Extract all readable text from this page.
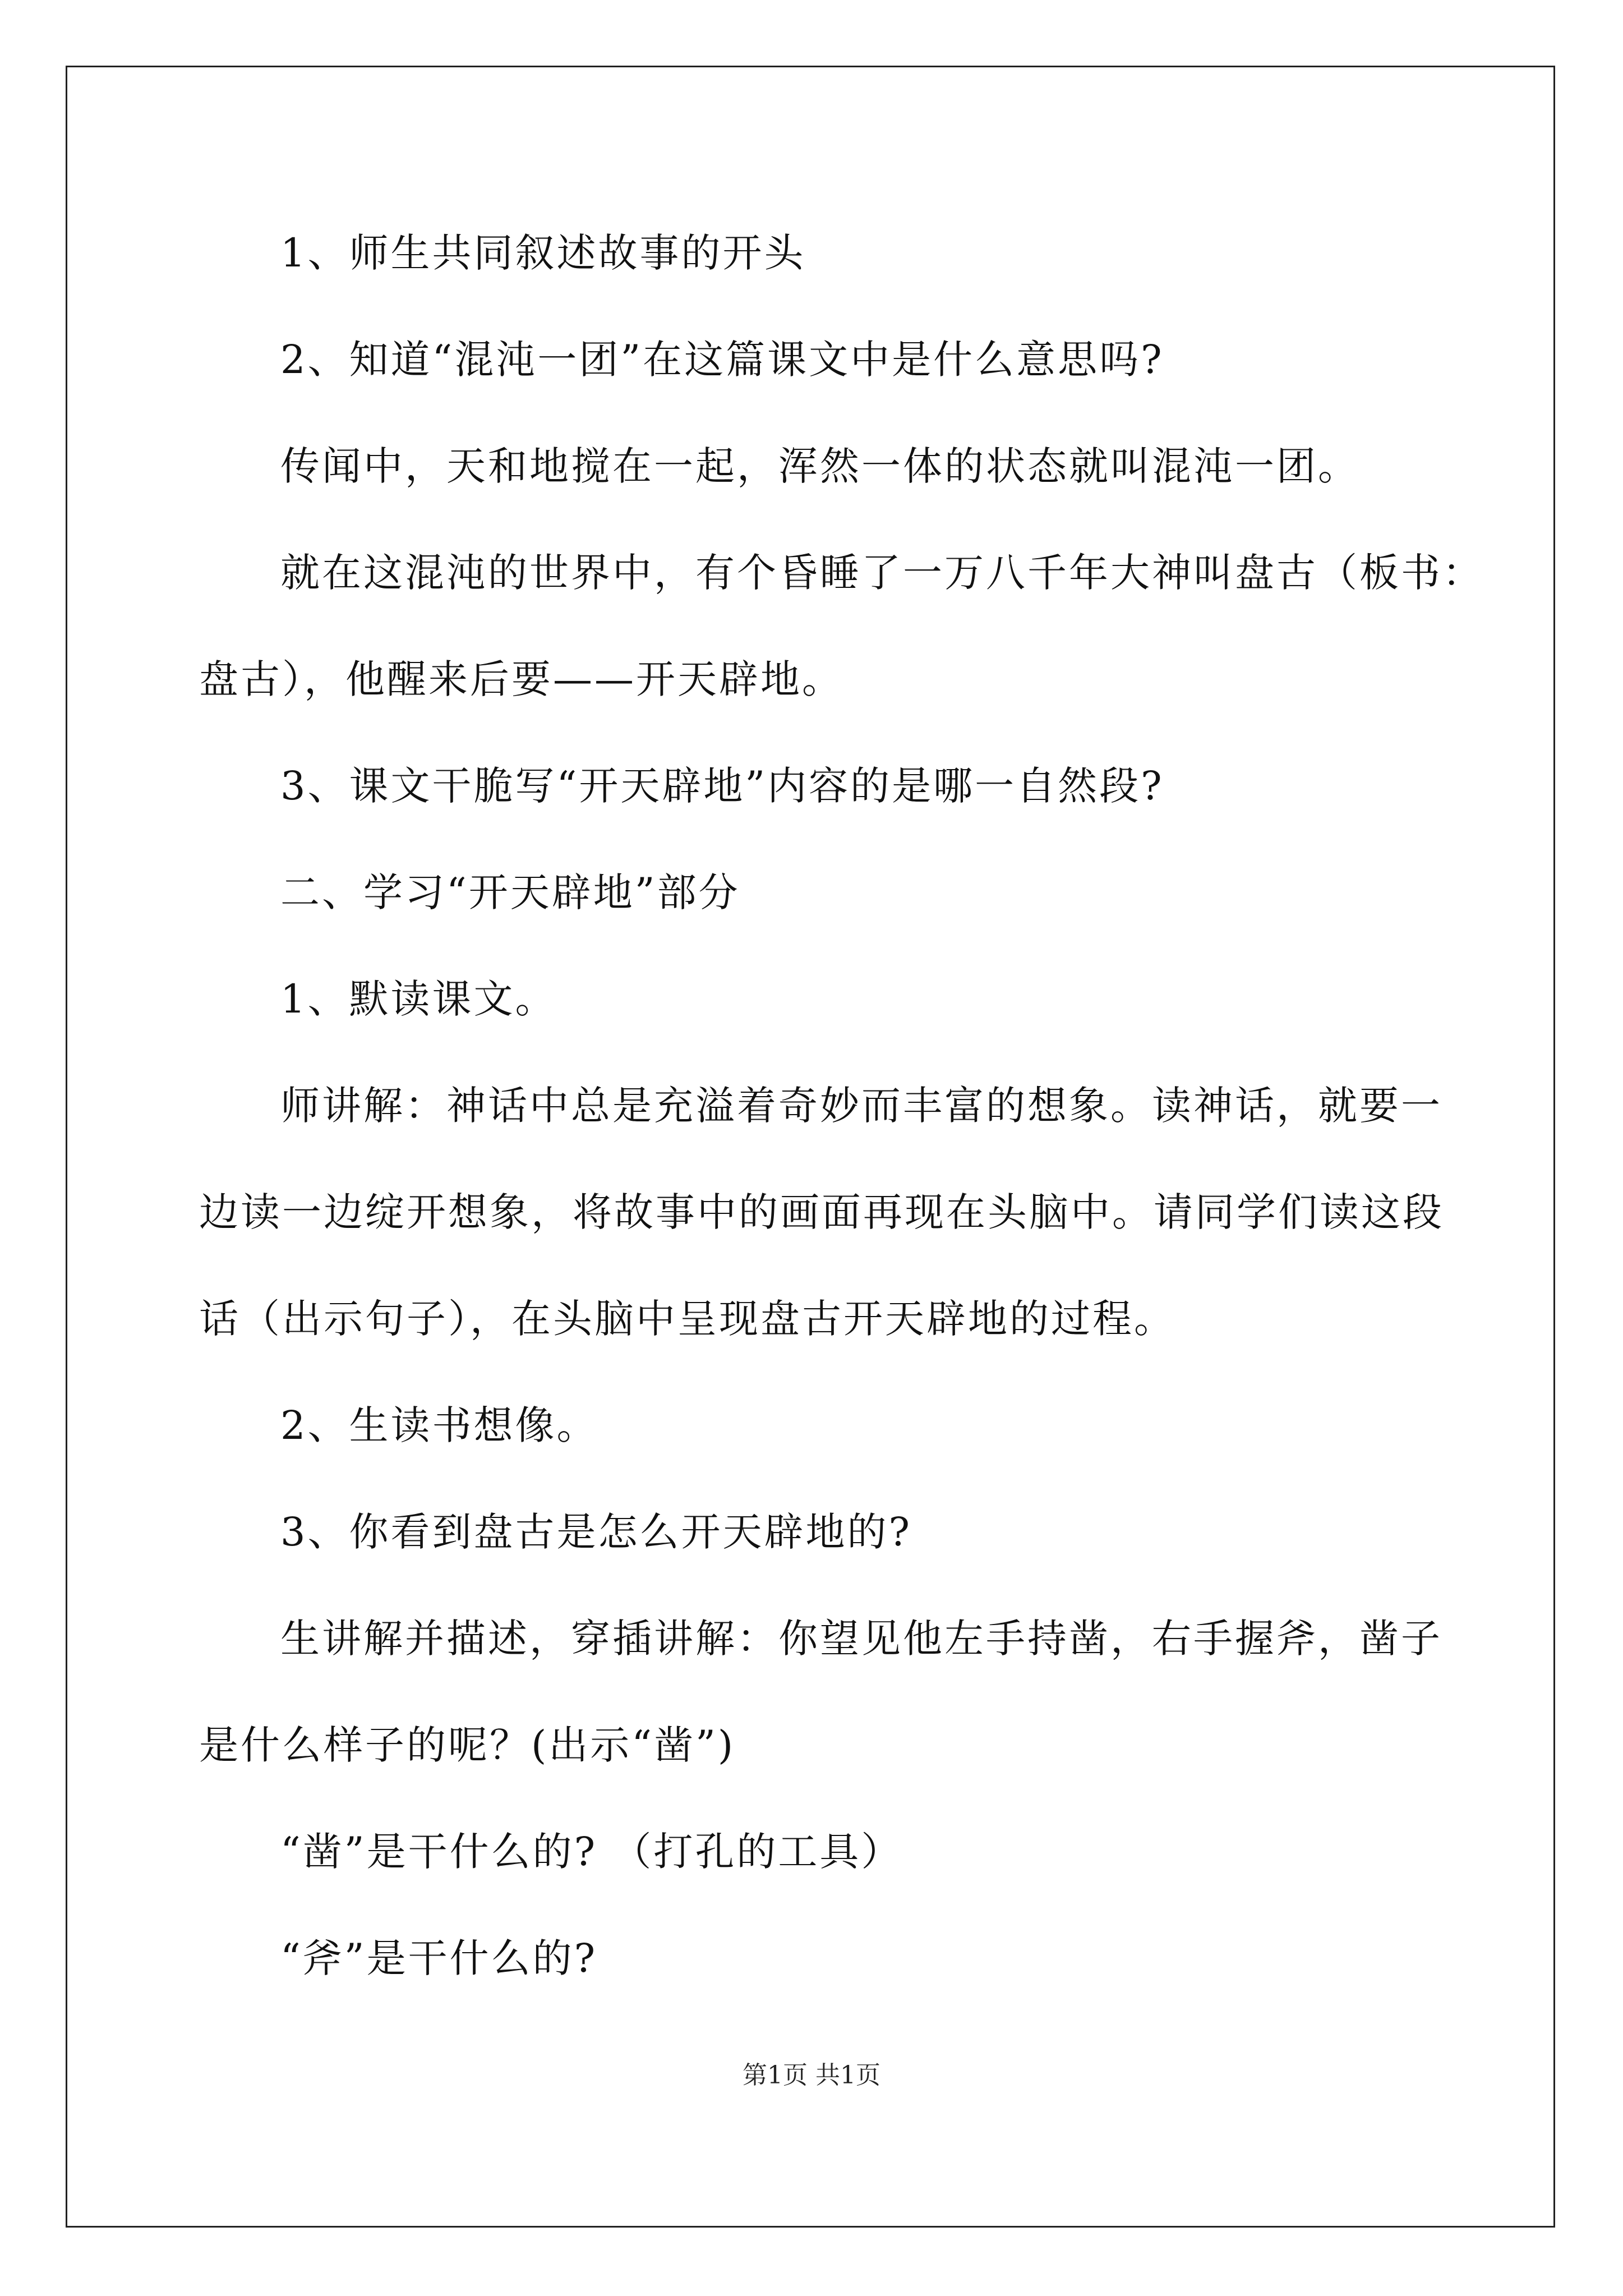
1、师生共同叙述故事的开头
2、知道“混沌一团”在这篇课文中是什么意思吗?
传闻中，天和地搅在一起，浑然一体的状态就叫混沌一团。
就在这混沌的世界中，有个昏睡了一万八千年大神叫盘古（板书：
盘古），他醒来后要——开天辟地。
3、课文干脆写“开天辟地”内容的是哪一自然段?
二、学习“开天辟地”部分
1、默读课文。
师讲解：神话中总是充溢着奇妙而丰富的想象。读神话，就要一
边读一边绽开想象，将故事中的画面再现在头脑中。请同学们读这段
话（出示句子），在头脑中呈现盘古开天辟地的过程。
2、生读书想像。
3、你看到盘古是怎么开天辟地的?
生讲解并描述，穿插讲解：你望见他左手持凿，右手握斧，凿子
是什么样子的呢？(出示“凿”)
“凿”是干什么的? （打孔的工具）
“斧”是干什么的?
第1页 共1页
